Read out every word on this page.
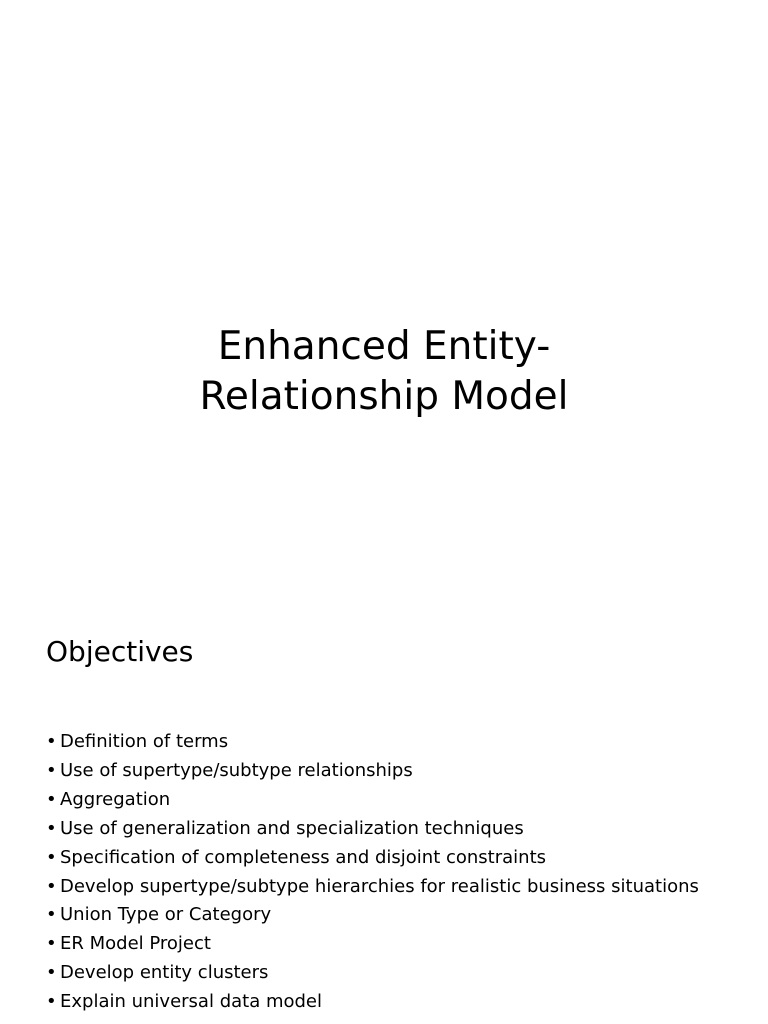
Enhanced Entity-
Relationship Model
Objectives
• Definition of terms
• Use of supertype/subtype relationships
• Aggregation
• Use of generalization and specialization techniques
• Specification of completeness and disjoint constraints
• Develop supertype/subtype hierarchies for realistic business situations
• Union Type or Category
• ER Model Project
• Develop entity clusters
• Explain universal data model
